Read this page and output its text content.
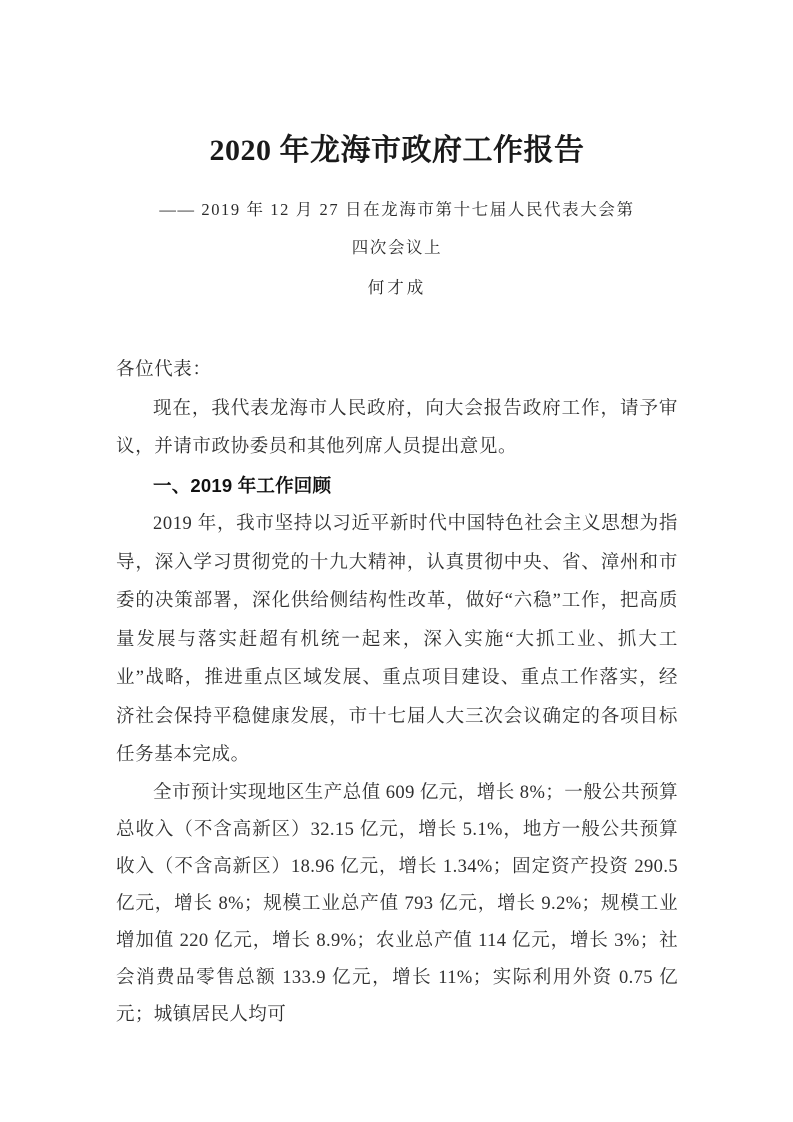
2020 年龙海市政府工作报告
—— 2019 年 12 月 27 日在龙海市第十七届人民代表大会第
四次会议上
何才成

各位代表：

现在，我代表龙海市人民政府，向大会报告政府工作，请予审议，并请市政协委员和其他列席人员提出意见。

一、2019 年工作回顾

2019 年，我市坚持以习近平新时代中国特色社会主义思想为指导，深入学习贯彻党的十九大精神，认真贯彻中央、省、漳州和市委的决策部署，深化供给侧结构性改革，做好“六稳”工作，把高质量发展与落实赶超有机统一起来，深入实施“大抓工业、抓大工业”战略，推进重点区域发展、重点项目建设、重点工作落实，经济社会保持平稳健康发展，市十七届人大三次会议确定的各项目标任务基本完成。

全市预计实现地区生产总值 609 亿元，增长 8%；一般公共预算总收入（不含高新区）32.15 亿元，增长 5.1%，地方一般公共预算收入（不含高新区）18.96 亿元，增长 1.34%；固定资产投资 290.5 亿元，增长 8%；规模工业总产值 793 亿元，增长 9.2%；规模工业增加值 220 亿元，增长 8.9%；农业总产值 114 亿元，增长 3%；社会消费品零售总额 133.9 亿元，增长 11%；实际利用外资 0.75 亿元；城镇居民人均可
